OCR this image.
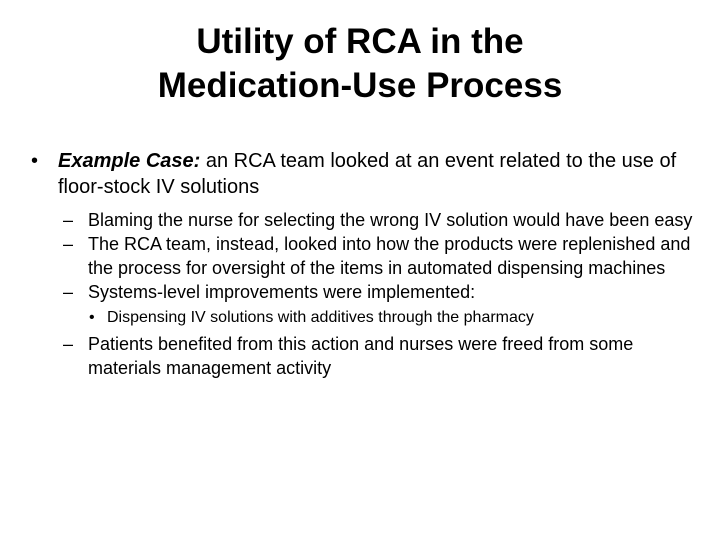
Utility of RCA in the
Medication-Use Process
• Example Case: an RCA team looked at an event related to the use of floor-stock IV solutions
– Blaming the nurse for selecting the wrong IV solution would have been easy
– The RCA team, instead, looked into how the products were replenished and the process for oversight of the items in automated dispensing machines
– Systems-level improvements were implemented:
• Dispensing IV solutions with additives through the pharmacy
– Patients benefited from this action and nurses were freed from some materials management activity
